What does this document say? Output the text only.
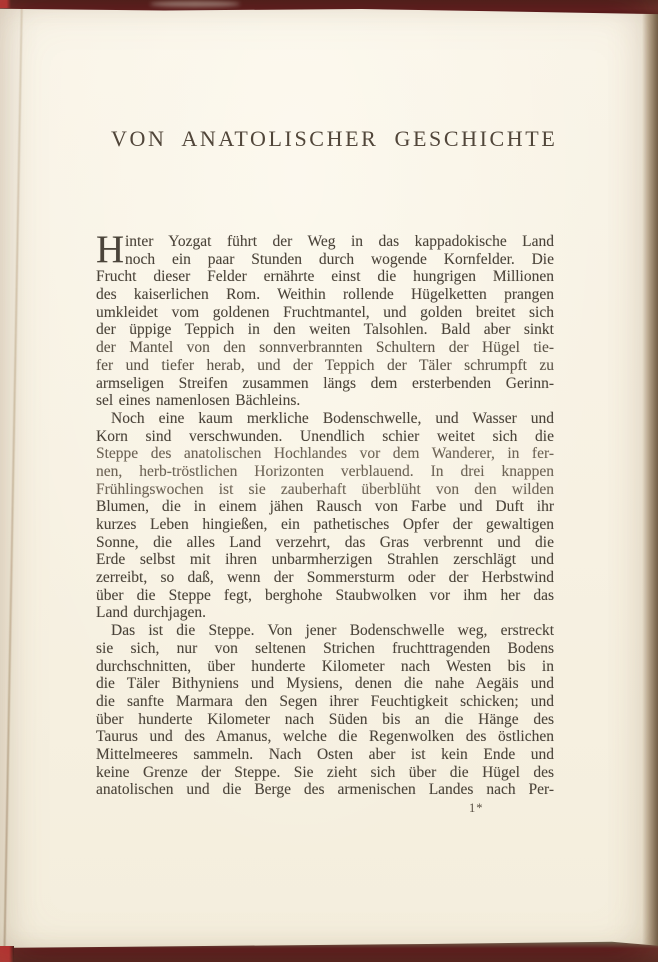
VON ANATOLISCHER GESCHICHTE
H inter Yozgat führt der Weg in das kappadokische Land
noch ein paar Stunden durch wogende Kornfelder. Die
Frucht dieser Felder ernährte einst die hungrigen Millionen
des kaiserlichen Rom. Weithin rollende Hügelketten prangen
umkleidet vom goldenen Fruchtmantel, und golden breitet sich
der üppige Teppich in den weiten Talsohlen. Bald aber sinkt
der Mantel von den sonnverbrannten Schultern der Hügel tie-
fer und tiefer herab, und der Teppich der Täler schrumpft zu
armseligen Streifen zusammen längs dem ersterbenden Gerinn-
sel eines namenlosen Bächleins.
Noch eine kaum merkliche Bodenschwelle, und Wasser und
Korn sind verschwunden. Unendlich schier weitet sich die
Steppe des anatolischen Hochlandes vor dem Wanderer, in fer-
nen, herb-tröstlichen Horizonten verblauend. In drei knappen
Frühlingswochen ist sie zauberhaft überblüht von den wilden
Blumen, die in einem jähen Rausch von Farbe und Duft ihr
kurzes Leben hingießen, ein pathetisches Opfer der gewaltigen
Sonne, die alles Land verzehrt, das Gras verbrennt und die
Erde selbst mit ihren unbarmherzigen Strahlen zerschlägt und
zerreibt, so daß, wenn der Sommersturm oder der Herbstwind
über die Steppe fegt, berghohe Staubwolken vor ihm her das
Land durchjagen.
Das ist die Steppe. Von jener Bodenschwelle weg, erstreckt
sie sich, nur von seltenen Strichen fruchttragenden Bodens
durchschnitten, über hunderte Kilometer nach Westen bis in
die Täler Bithyniens und Mysiens, denen die nahe Aegäis und
die sanfte Marmara den Segen ihrer Feuchtigkeit schicken; und
über hunderte Kilometer nach Süden bis an die Hänge des
Taurus und des Amanus, welche die Regenwolken des östlichen
Mittelmeeres sammeln. Nach Osten aber ist kein Ende und
keine Grenze der Steppe. Sie zieht sich über die Hügel des
anatolischen und die Berge des armenischen Landes nach Per-
1*
